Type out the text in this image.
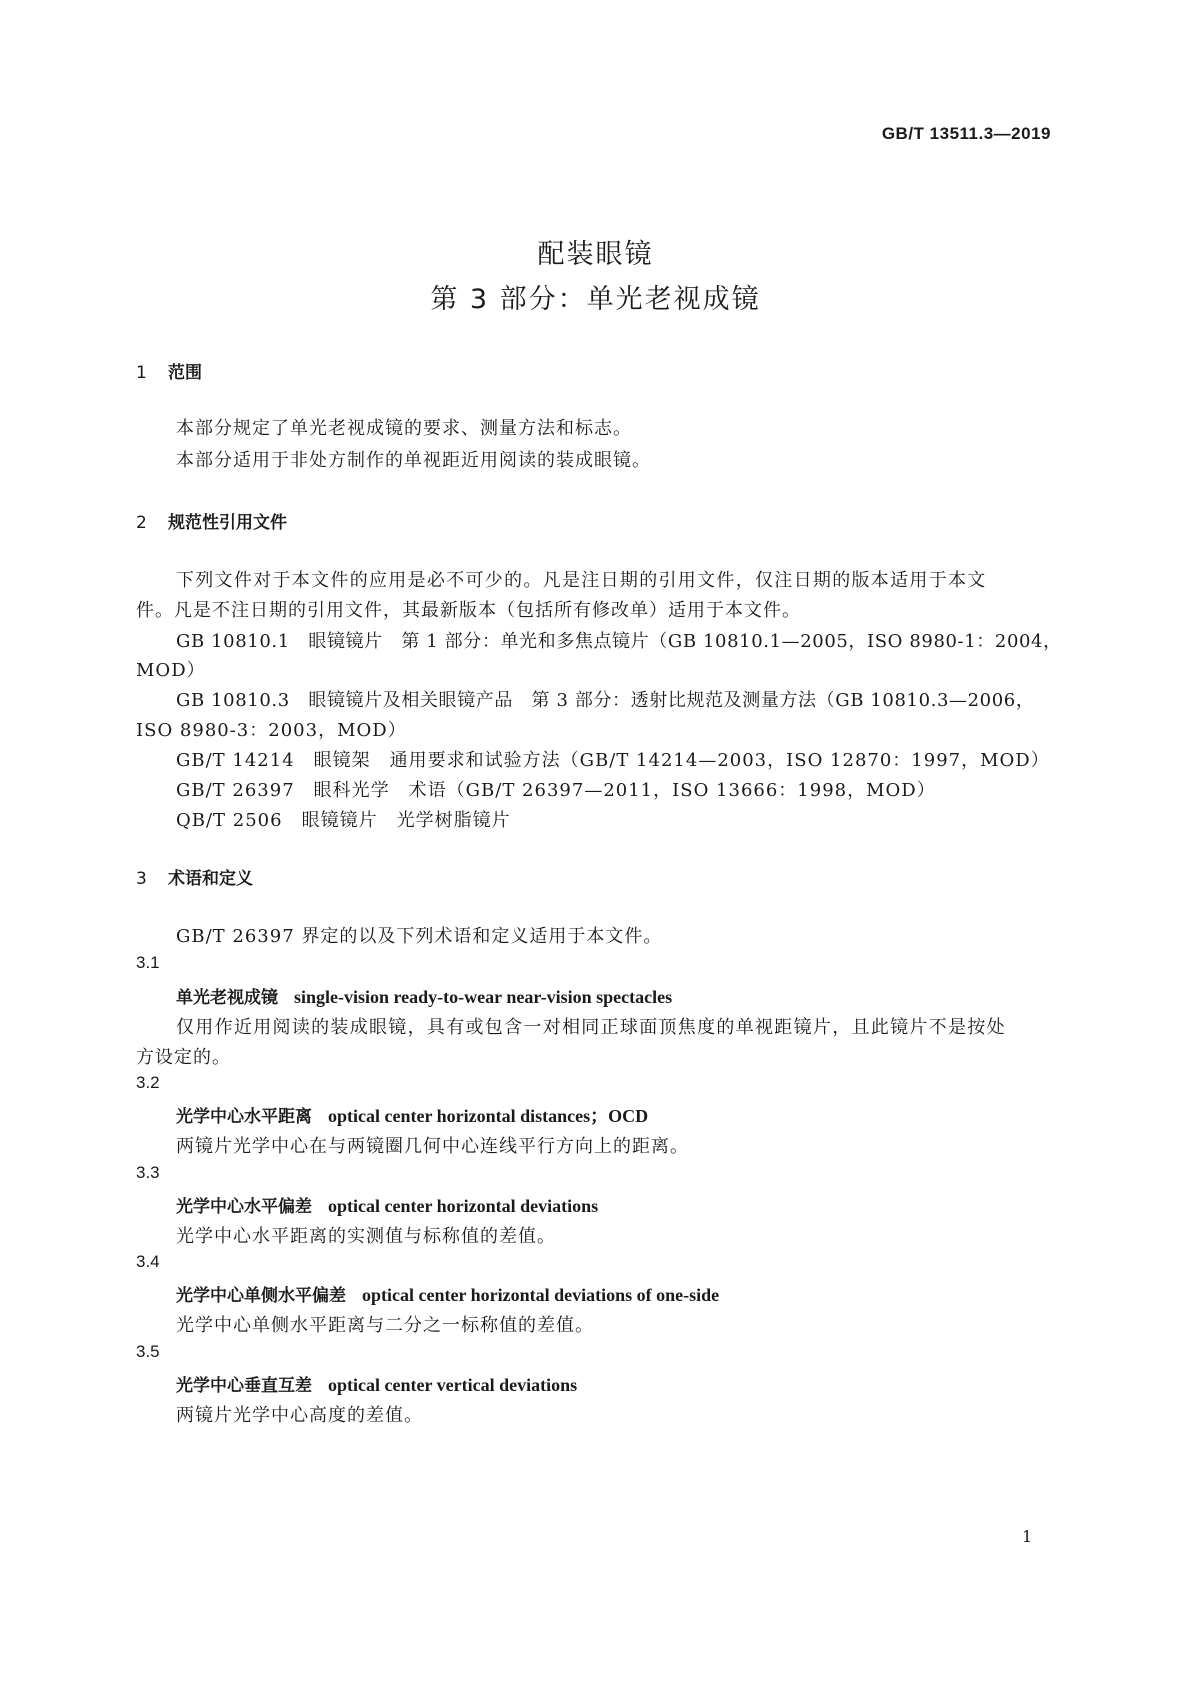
GB/T 13511.3—2019
配装眼镜
第 3 部分：单光老视成镜
1 范围
本部分规定了单光老视成镜的要求、测量方法和标志。
本部分适用于非处方制作的单视距近用阅读的装成眼镜。
2 规范性引用文件
下列文件对于本文件的应用是必不可少的。凡是注日期的引用文件，仅注日期的版本适用于本文
件。凡是不注日期的引用文件，其最新版本（包括所有修改单）适用于本文件。
GB 10810.1　眼镜镜片　第 1 部分：单光和多焦点镜片（GB 10810.1—2005，ISO 8980-1：2004，
MOD）
GB 10810.3　眼镜镜片及相关眼镜产品　第 3 部分：透射比规范及测量方法（GB 10810.3—2006，
ISO 8980-3：2003，MOD）
GB/T 14214　眼镜架　通用要求和试验方法（GB/T 14214—2003，ISO 12870：1997，MOD）
GB/T 26397　眼科光学　术语（GB/T 26397—2011，ISO 13666：1998，MOD）
QB/T 2506　眼镜镜片　光学树脂镜片
3 术语和定义
GB/T 26397 界定的以及下列术语和定义适用于本文件。
3.1
单光老视成镜 single-vision ready-to-wear near-vision spectacles
仅用作近用阅读的装成眼镜，具有或包含一对相同正球面顶焦度的单视距镜片，且此镜片不是按处
方设定的。
3.2
光学中心水平距离 optical center horizontal distances；OCD
两镜片光学中心在与两镜圈几何中心连线平行方向上的距离。
3.3
光学中心水平偏差 optical center horizontal deviations
光学中心水平距离的实测值与标称值的差值。
3.4
光学中心单侧水平偏差 optical center horizontal deviations of one-side
光学中心单侧水平距离与二分之一标称值的差值。
3.5
光学中心垂直互差 optical center vertical deviations
两镜片光学中心高度的差值。
1
